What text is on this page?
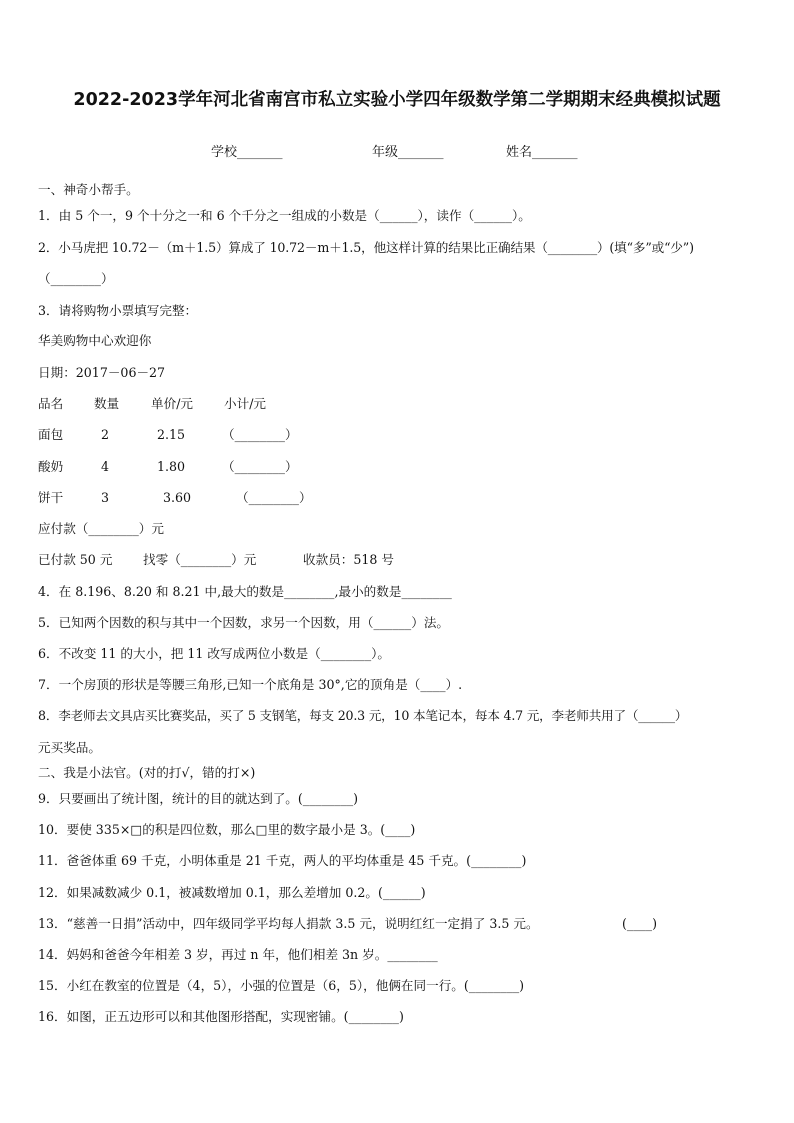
2022-2023学年河北省南宫市私立实验小学四年级数学第二学期期末经典模拟试题
学校_______	年级_______	姓名_______
一、神奇小帮手。
1．由 5 个一，9 个十分之一和 6 个千分之一组成的小数是（______），读作（______）。
2．小马虎把 10.72－（m＋1.5）算成了 10.72－m＋1.5，他这样计算的结果比正确结果（________）(填“多”或“少”)
（________）
3．请将购物小票填写完整：
华美购物中心欢迎你
日期：2017－06－27
品名 数量	单价/元 小计/元
面包	2	2.15	（________）
酸奶	4	1.80	（________）
饼干	3	3.60	（________）
应付款（________）元
已付款 50 元 找零（________）元	收款员：518 号
4．在 8.196、8.20 和 8.21 中,最大的数是________,最小的数是________
5．已知两个因数的积与其中一个因数，求另一个因数，用（______）法。
6．不改变 11 的大小，把 11 改写成两位小数是（________）。
7．一个房顶的形状是等腰三角形,已知一个底角是 30°,它的顶角是（____）.
8．李老师去文具店买比赛奖品，买了 5 支钢笔，每支 20.3 元，10 本笔记本，每本 4.7 元，李老师共用了（______）
元买奖品。
二、我是小法官。(对的打√，错的打×)
9．只要画出了统计图，统计的目的就达到了。(________)
10．要使 335×□的积是四位数，那么□里的数字最小是 3。(____)
11．爸爸体重 69 千克，小明体重是 21 千克，两人的平均体重是 45 千克。(________)
12．如果减数减少 0.1，被减数增加 0.1，那么差增加 0.2。(______)
13．“慈善一日捐”活动中，四年级同学平均每人捐款 3.5 元，说明红红一定捐了 3.5 元。	(____)
14．妈妈和爸爸今年相差 3 岁，再过 n 年，他们相差 3n 岁。________
15．小红在教室的位置是（4，5），小强的位置是（6，5），他俩在同一行。(________)
16．如图，正五边形可以和其他图形搭配，实现密铺。(________)
